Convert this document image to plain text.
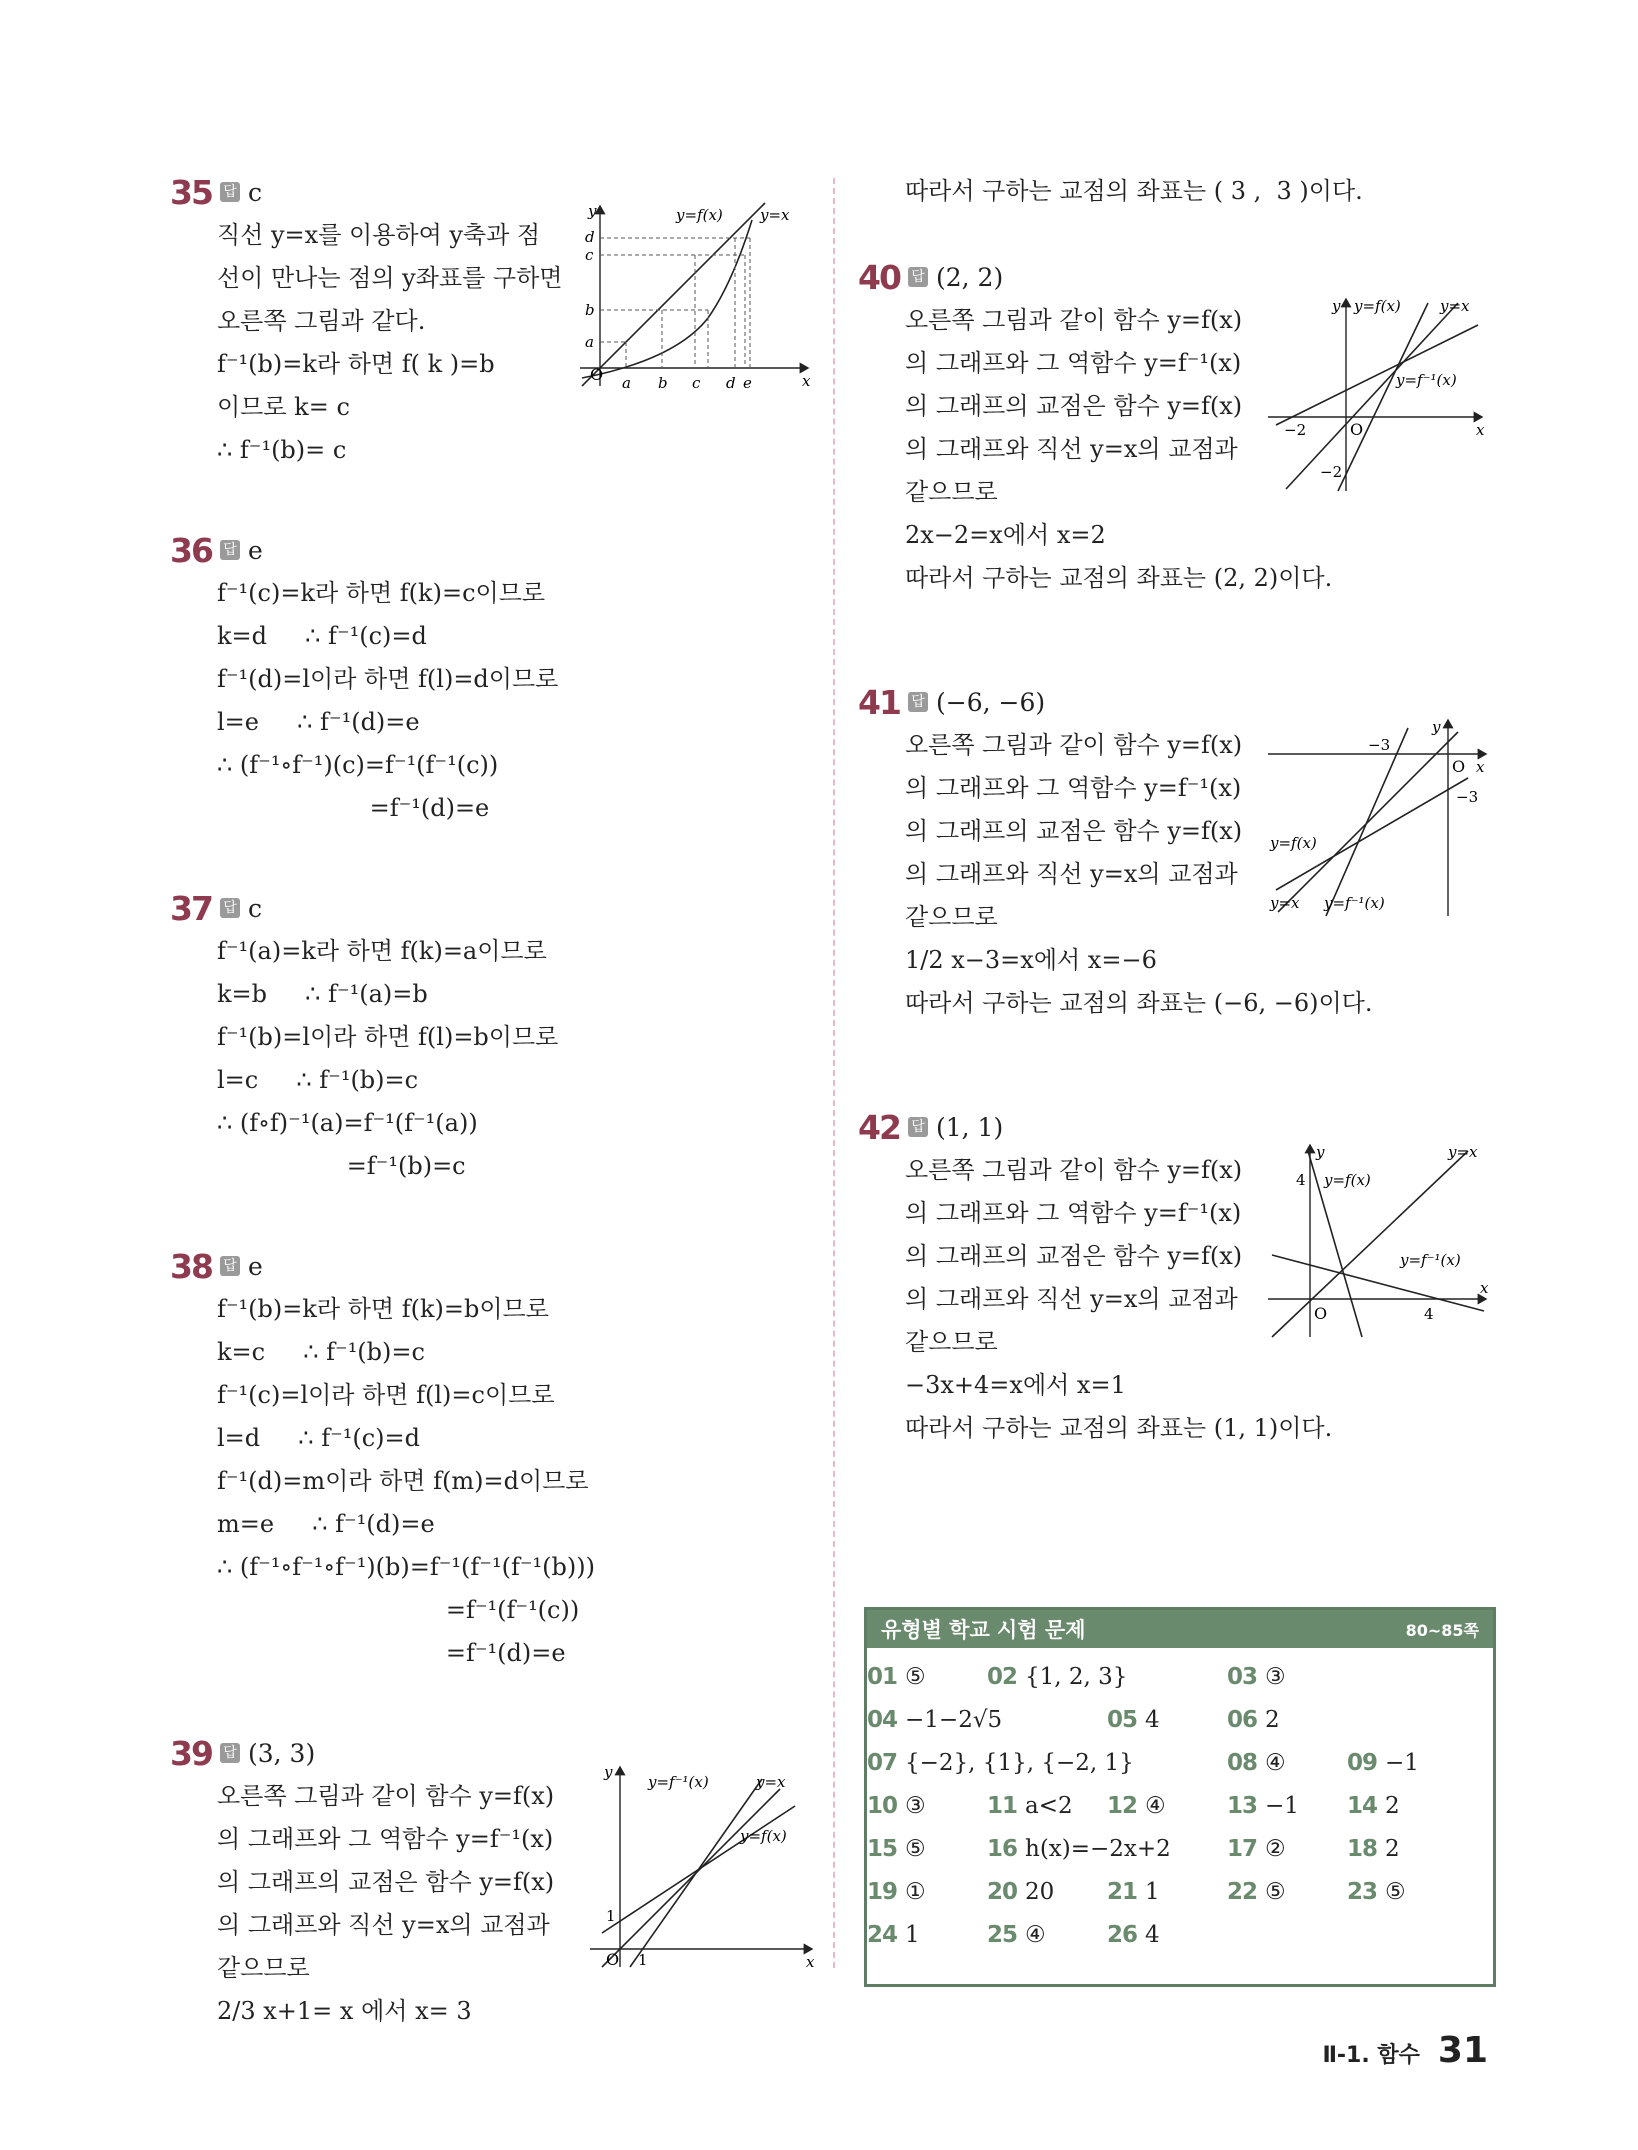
35 답 c
직선 y=x를 이용하여 y축과 점
선이 만나는 점의 y좌표를 구하면
오른쪽 그림과 같다.
f⁻¹(b)=k라 하면 f( k )=b
이므로 k= c
∴ f⁻¹(b)= c
O
y
x
y=f(x) y=x
a b c d e
a
b
c
d
36 답 e
f⁻¹(c)=k라 하면 f(k)=c이므로
k=d     ∴ f⁻¹(c)=d
f⁻¹(d)=l이라 하면 f(l)=d이므로
l=e     ∴ f⁻¹(d)=e
∴ (f⁻¹∘f⁻¹)(c)=f⁻¹(f⁻¹(c))
=f⁻¹(d)=e
37 답 c
f⁻¹(a)=k라 하면 f(k)=a이므로
k=b     ∴ f⁻¹(a)=b
f⁻¹(b)=l이라 하면 f(l)=b이므로
l=c     ∴ f⁻¹(b)=c
∴ (f∘f)⁻¹(a)=f⁻¹(f⁻¹(a))
=f⁻¹(b)=c
38 답 e
f⁻¹(b)=k라 하면 f(k)=b이므로
k=c     ∴ f⁻¹(b)=c
f⁻¹(c)=l이라 하면 f(l)=c이므로
l=d     ∴ f⁻¹(c)=d
f⁻¹(d)=m이라 하면 f(m)=d이므로
m=e     ∴ f⁻¹(d)=e
∴ (f⁻¹∘f⁻¹∘f⁻¹)(b)=f⁻¹(f⁻¹(f⁻¹(b)))
=f⁻¹(f⁻¹(c))
=f⁻¹(d)=e
39 답 (3, 3)
오른쪽 그림과 같이 함수 y=f(x)
의 그래프와 그 역함수 y=f⁻¹(x)
의 그래프의 교점은 함수 y=f(x)
의 그래프와 직선 y=x의 교점과
같으므로
2/3 x+1= x 에서 x= 3
O
y
x
y=f⁻¹(x)	y=x
y=f(x)
1
1
따라서 구하는 교점의 좌표는 ( 3 ,  3 )이다.
40 답 (2, 2)
오른쪽 그림과 같이 함수 y=f(x)
의 그래프와 그 역함수 y=f⁻¹(x)
의 그래프의 교점은 함수 y=f(x)
의 그래프와 직선 y=x의 교점과
같으므로
2x−2=x에서 x=2
따라서 구하는 교점의 좌표는 (2, 2)이다.
O
y
x
y=f(x)	y=x
y=f⁻¹(x)
−2
−2
41 답 (−6, −6)
오른쪽 그림과 같이 함수 y=f(x)
의 그래프와 그 역함수 y=f⁻¹(x)
의 그래프의 교점은 함수 y=f(x)
의 그래프와 직선 y=x의 교점과
같으므로
1/2 x−3=x에서 x=−6
따라서 구하는 교점의 좌표는 (−6, −6)이다.
O
y
x
−3
−3
y=f(x)
y=x y=f⁻¹(x)
42 답 (1, 1)
오른쪽 그림과 같이 함수 y=f(x)
의 그래프와 그 역함수 y=f⁻¹(x)
의 그래프의 교점은 함수 y=f(x)
의 그래프와 직선 y=x의 교점과
같으므로
−3x+4=x에서 x=1
따라서 구하는 교점의 좌표는 (1, 1)이다.
O
y
x
y=x
y=f(x)
y=f⁻¹(x)
4
4
유형별 학교 시험 문제	80~85쪽
01 ⑤	02 {1, 2, 3}	03 ③
04 −1−2√5	05 4	06 2
07 {−2}, {1}, {−2, 1}	08 ④	09 −1
10 ③	11 a<2 12 ④	13 −1 14 2
15 ⑤	16 h(x)=−2x+2 17 ②	18 2
19 ①	20 20 21 1	22 ⑤	23 ⑤
24 1	25 ④	26 4
Ⅱ-1. 함수 31
